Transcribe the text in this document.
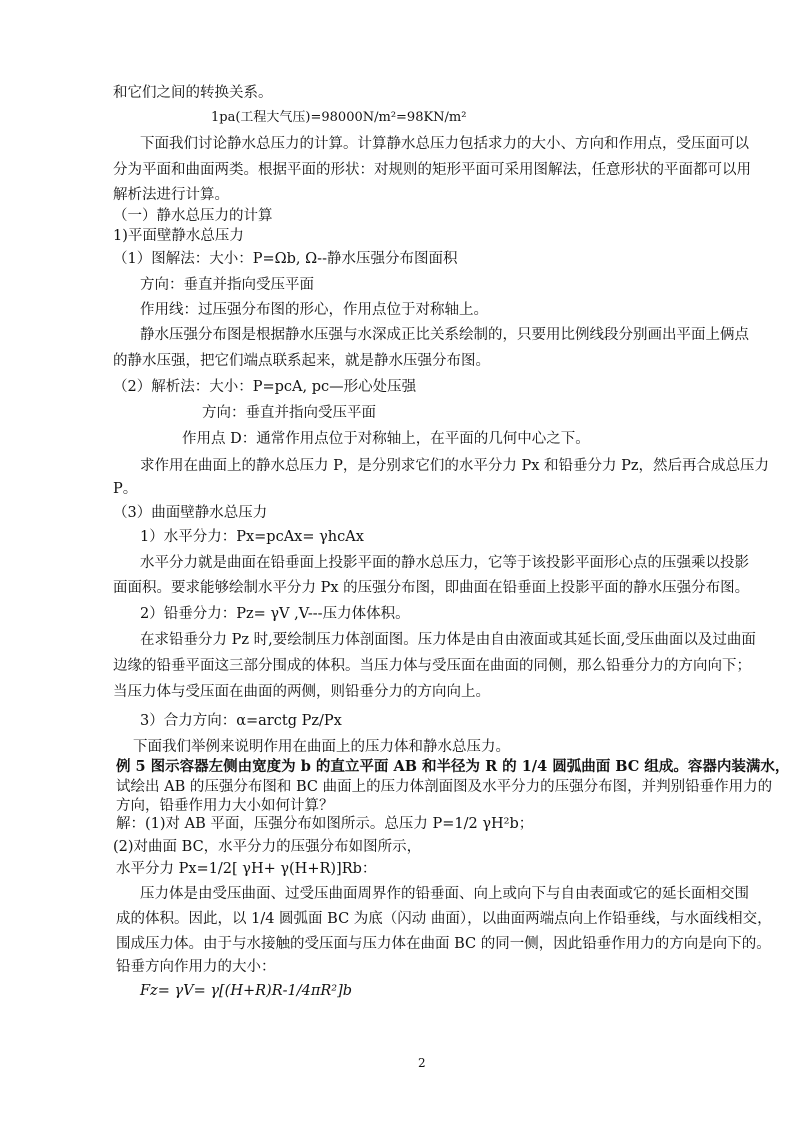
和它们之间的转换关系。
1pa(工程大气压)=98000N/m²=98KN/m²
下面我们讨论静水总压力的计算。计算静水总压力包括求力的大小、方向和作用点，受压面可以
分为平面和曲面两类。根据平面的形状：对规则的矩形平面可采用图解法，任意形状的平面都可以用
解析法进行计算。
（一）静水总压力的计算
1)平面壁静水总压力
（1）图解法：大小：P=Ωb, Ω--静水压强分布图面积
方向：垂直并指向受压平面
作用线：过压强分布图的形心，作用点位于对称轴上。
静水压强分布图是根据静水压强与水深成正比关系绘制的，只要用比例线段分别画出平面上俩点
的静水压强，把它们端点联系起来，就是静水压强分布图。
（2）解析法：大小：P=pcA, pc—形心处压强
方向：垂直并指向受压平面
作用点 D：通常作用点位于对称轴上，在平面的几何中心之下。
求作用在曲面上的静水总压力 P，是分别求它们的水平分力 Px 和铅垂分力 Pz，然后再合成总压力
P。
（3）曲面壁静水总压力
1）水平分力：Px=pcAx= γhcAx
水平分力就是曲面在铅垂面上投影平面的静水总压力，它等于该投影平面形心点的压强乘以投影
面面积。要求能够绘制水平分力 Px 的压强分布图，即曲面在铅垂面上投影平面的静水压强分布图。
2）铅垂分力：Pz= γV ,V---压力体体积。
在求铅垂分力 Pz 时,要绘制压力体剖面图。压力体是由自由液面或其延长面,受压曲面以及过曲面
边缘的铅垂平面这三部分围成的体积。当压力体与受压面在曲面的同侧，那么铅垂分力的方向向下；
当压力体与受压面在曲面的两侧，则铅垂分力的方向向上。
3）合力方向：α=arctg Pz/Px
下面我们举例来说明作用在曲面上的压力体和静水总压力。
例 5 图示容器左侧由宽度为 b 的直立平面 AB 和半径为 R 的 1/4 圆弧曲面 BC 组成。容器内装满水，
试绘出 AB 的压强分布图和 BC 曲面上的压力体剖面图及水平分力的压强分布图，并判别铅垂作用力的
方向，铅垂作用力大小如何计算？
解：(1)对 AB 平面，压强分布如图所示。总压力 P=1/2 γH²b；
(2)对曲面 BC，水平分力的压强分布如图所示，
水平分力 Px=1/2[ γH+ γ(H+R)]Rb：
压力体是由受压曲面、过受压曲面周界作的铅垂面、向上或向下与自由表面或它的延长面相交围
成的体积。因此，以 1/4 圆弧面 BC 为底（闪动 曲面），以曲面两端点向上作铅垂线，与水面线相交，
围成压力体。由于与水接触的受压面与压力体在曲面 BC 的同一侧，因此铅垂作用力的方向是向下的。
铅垂方向作用力的大小：
Fz= γV= γ[(H+R)R-1/4πR²]b
2
